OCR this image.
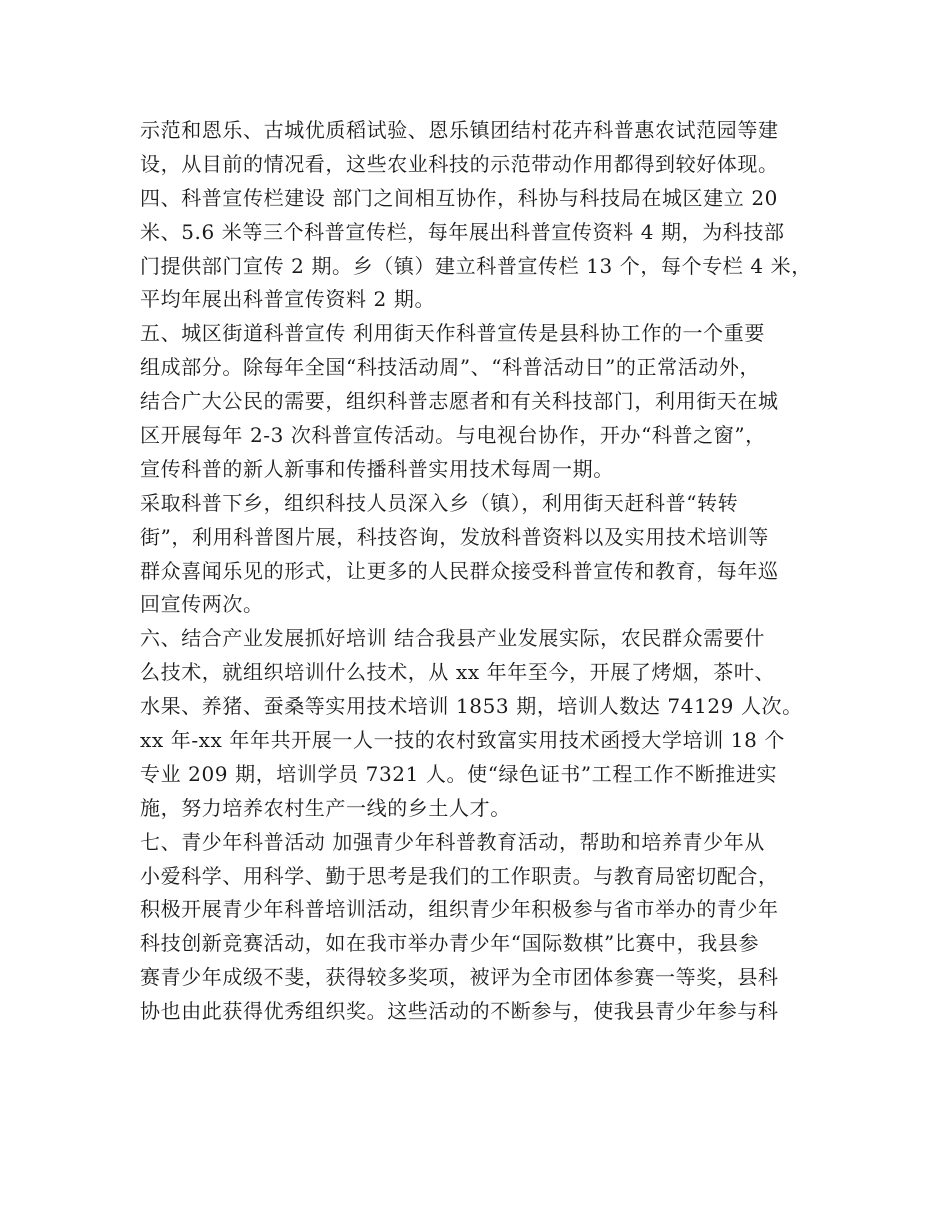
示范和恩乐、古城优质稻试验、恩乐镇团结村花卉科普惠农试范园等建
设，从目前的情况看，这些农业科技的示范带动作用都得到较好体现。
四、科普宣传栏建设 部门之间相互协作，科协与科技局在城区建立 20
米、5.6 米等三个科普宣传栏，每年展出科普宣传资料 4 期，为科技部
门提供部门宣传 2 期。乡（镇）建立科普宣传栏 13 个，每个专栏 4 米，
平均年展出科普宣传资料 2 期。
五、城区街道科普宣传 利用街天作科普宣传是县科协工作的一个重要
组成部分。除每年全国“科技活动周”、“科普活动日”的正常活动外，
结合广大公民的需要，组织科普志愿者和有关科技部门，利用街天在城
区开展每年 2-3 次科普宣传活动。与电视台协作，开办“科普之窗”，
宣传科普的新人新事和传播科普实用技术每周一期。
采取科普下乡，组织科技人员深入乡（镇），利用街天赶科普“转转
街”，利用科普图片展，科技咨询，发放科普资料以及实用技术培训等
群众喜闻乐见的形式，让更多的人民群众接受科普宣传和教育，每年巡
回宣传两次。
六、结合产业发展抓好培训 结合我县产业发展实际，农民群众需要什
么技术，就组织培训什么技术，从 xx 年年至今，开展了烤烟，茶叶、
水果、养猪、蚕桑等实用技术培训 1853 期，培训人数达 74129 人次。
xx 年-xx 年年共开展一人一技的农村致富实用技术函授大学培训 18 个
专业 209 期，培训学员 7321 人。使“绿色证书”工程工作不断推进实
施，努力培养农村生产一线的乡土人才。
七、青少年科普活动 加强青少年科普教育活动，帮助和培养青少年从
小爱科学、用科学、勤于思考是我们的工作职责。与教育局密切配合，
积极开展青少年科普培训活动，组织青少年积极参与省市举办的青少年
科技创新竞赛活动，如在我市举办青少年“国际数棋”比赛中，我县参
赛青少年成级不斐，获得较多奖项，被评为全市团体参赛一等奖，县科
协也由此获得优秀组织奖。这些活动的不断参与，使我县青少年参与科
